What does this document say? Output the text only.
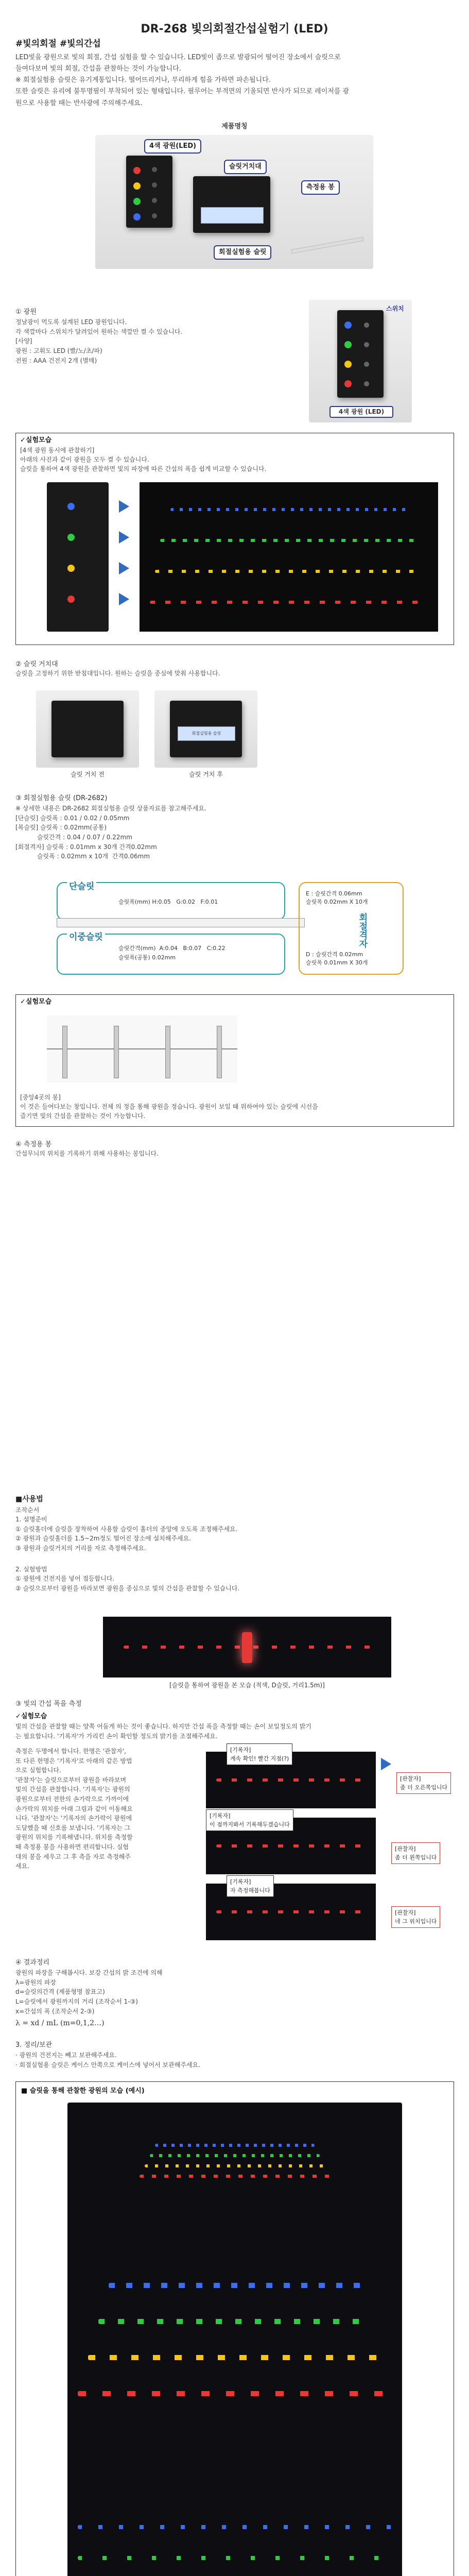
DR-268 빛의회절간섭실험기 (LED)
#빛의회절 #빛의간섭

LED빛을 광원으로 빛의 회절, 간섭 실험을 할 수 있습니다. LED빛이 좁으로 발광되어 떨어진 장소에서 슬릿으로

들여다보며 빛의 회절, 간섭을 관찰하는 것이 가능합니다.

※ 회절실험용 슬릿은 유기계통입니다. 떨어뜨리거나, 무리하게 힘을 가하면 파손됩니다.

또한 슬릿은 유리에 불투명필이 부착되어 있는 형태입니다. 필루어는 부적면의 기울되면 반사가 되므로 레이저를 광

원으로 사용할 때는 반사광에 주의해주세요.

제품명칭
4색 광원(LED)
슬릿거치대
측정용 봉
회절실험용 슬릿
① 광원
정날광이 먹도록 설계된 LED 광원입니다.
각 색깔마다 스위치가 달려있어 원하는 색깔만 켤 수 있습니다.
[사양]
광원 : 고휘도 LED (빨/노/초/파)
전원 : AAA 건전지 2개 (별매)
스위치
4색 광원 (LED)
✓실험모습
[4색 광원 동시에 관찰하기]
아래의 사진과 같이 광원을 모두 켤 수 있습니다.
슬릿을 통하여 4색 광원을 관찰하면 빛의 파장에 따른 간섭의 폭을 쉽게 비교할 수 있습니다.
② 슬릿 거치대
슬릿을 고정하기 위한 받침대입니다. 원하는 슬릿을 중심에 맞춰 사용합니다.
슬릿 거치 전
회절실험용 슬릿
슬릿 거치 후
③ 회절실험용 슬릿 (DR-2682)
※ 상세한 내용은 DR-2682 회절실험용 슬릿 상품자료를 참고해주세요.
[단슬릿] 슬릿폭 : 0.01 / 0.02 / 0.05mm
[복슬릿] 슬릿폭 : 0.02mm(공통)
슬릿간격 : 0.04 / 0.07 / 0.22mm
[회절격자] 슬릿폭 : 0.01mm x 30개 간격0.02mm
슬릿폭 : 0.02mm x 10개  간격0.06mm
단슬릿
슬릿폭(mm) H:0.05   G:0.02   F:0.01
이중슬릿
슬릿간격(mm)  A:0.04   B:0.07   C:0.22
슬릿폭(공통) 0.02mm
회절격자
E : 슬릿간격 0.06mm
슬릿폭 0.02mm X 10개
D : 슬릿간격 0.02mm
슬릿폭 0.01mm X 30개
✓실험모습
[중앙4곳의 봉]
이 것은 들여다보는 창입니다. 전체 의 정을 통해 광원을 정습니다. 광원이 보일 때 위하여야 있는 슬릿에 시선을
즐기면 빛의 간섭을 관찰하는 것이 가능합니다.
④ 측정용 봉
간섭무늬의 위치를 기록하기 위해 사용하는 봉입니다.
■사용법
조작순서
1. 설명준비
① 슬릿홀더에 슬릿을 장착하여 사용할 슬릿이 홀더의 중앙에 오도록 조정해주세요.
② 광원과 슬릿홀더를 1.5~2m정도 떨어진 장소에 설치해주세요.
③ 광원과 슬릿거치의 거리를 자로 측정해주세요.
2. 실험방법
① 광원에 건전지를 넣어 점등합니다.
② 슬릿으로부터 광원을 바라보면 광원을 중심으로 빛의 간섭을 관찰할 수 있습니다.
[슬릿을 통하여 광원을 본 모습 (적색, D슬릿, 거리1.5m)]
③ 빛의 간섭 폭을 측정
✓실험모습
빛의 간섭을 관찰할 때는 양쪽 어둠게 하는 것이 좋습니다. 하지만 간섭 폭을 측정할 때는 손이 보일정도의 밝기
는 필요합니다. '기록자'가 가리킨 손이 확인할 정도의 밝기를 조절해주세요.
측정은 두명에서 합니다. 한명은 '관찰자',
또 다른 한명은 '기록자'로 아래의 같은 방법
으로 실험합니다.
'관찰자'는 슬릿으로부터 광원을 바라보며
빛의 간섭을 관찰합니다. '기록자'는 광원의
광원으로부터 전한의 손가락으로 가까이에
손가락의 위치를 아래 그림과 같이 이동해요
니다. '관찰자'는 '기록자의 손가락이 광원에
도달했을 때 신호를 보냅니다. '기록자는 그
광원의 위치를 기록해냅니다. 위치를 측정할
때 측정용 봉을 사용하면 편리합니다. 실험
대의 봉을 세우고 그 후 측을 자로 측정해주
세요.
[기록자]
계속 확인! 빨간 지점(?)
[관찰자]
좀 더 오른쪽입니다
[기록자]
이 점까지봐서 기록해두겠습니다
[관찰자]
좀 더 왼쪽입니다
[기록자]
자 측정해봅니다
[관찰자]
네 그 위치입니다
④ 결과정리
광원의 파장을 구해봅시다. 보강 간섭의 밝 조건에 의해
λ=광원의 파장
d=슬릿의간격 (제품형명 참표고)
L=슬릿에서 광원까지의 거리 (조작순서 1-③)
x=간섭의 폭 (조작순서 2-③)
λ = xd / mL (m=0,1,2…)
3. 정리/보관
· 광원의 건전지는 빼고 보관해주세요.
· 회절실험용 슬릿은 케이스 안쪽으로 케이스에 넣어서 보관해주세요.
■ 슬릿을 통해 관찰한 광원의 모습 (예시)
